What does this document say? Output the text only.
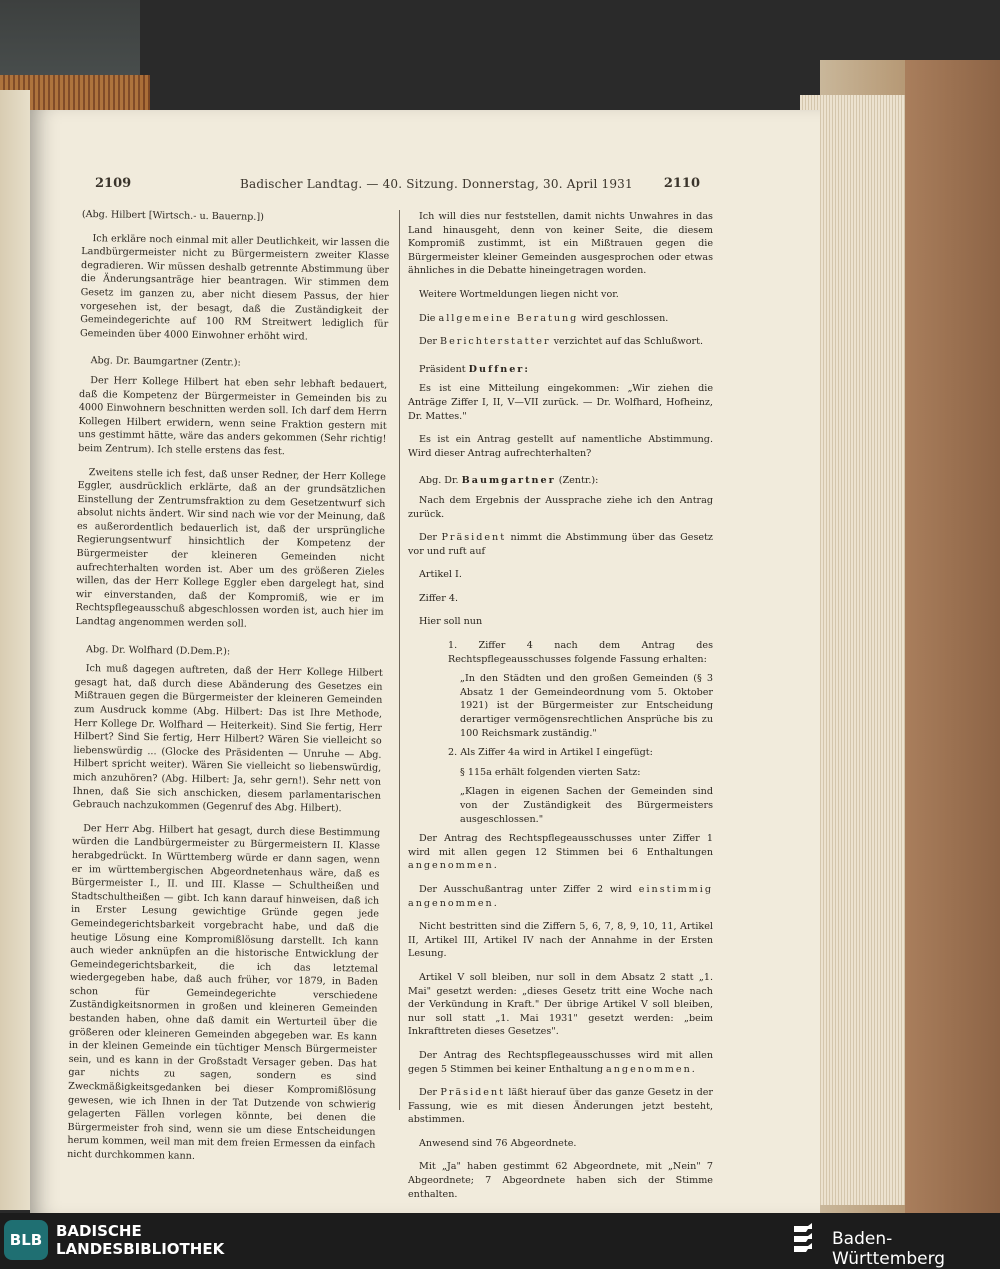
2109	Badischer Landtag. — 40. Sitzung. Donnerstag, 30. April 1931 2110

(Abg. Hilbert [Wirtsch.- u. Bauernp.])

Ich erkläre noch einmal mit aller Deutlichkeit, wir lassen die Landbürgermeister nicht zu Bürgermeistern zweiter Klasse degradieren. Wir müssen deshalb getrennte Abstimmung über die Änderungsanträge hier beantragen. Wir stimmen dem Gesetz im ganzen zu, aber nicht diesem Passus, der hier vorgesehen ist, der besagt, daß die Zuständigkeit der Gemeindegerichte auf 100 RM Streitwert lediglich für Gemeinden über 4000 Einwohner erhöht wird.

Abg. Dr. Baumgartner (Zentr.):

Der Herr Kollege Hilbert hat eben sehr lebhaft bedauert, daß die Kompetenz der Bürgermeister in Gemeinden bis zu 4000 Einwohnern beschnitten werden soll. Ich darf dem Herrn Kollegen Hilbert erwidern, wenn seine Fraktion gestern mit uns gestimmt hätte, wäre das anders gekommen (Sehr richtig! beim Zentrum). Ich stelle erstens das fest.

Zweitens stelle ich fest, daß unser Redner, der Herr Kollege Eggler, ausdrücklich erklärte, daß an der grundsätzlichen Einstellung der Zentrumsfraktion zu dem Gesetzentwurf sich absolut nichts ändert. Wir sind nach wie vor der Meinung, daß es außerordentlich bedauerlich ist, daß der ursprüngliche Regierungsentwurf hinsichtlich der Kompetenz der Bürgermeister der kleineren Gemeinden nicht aufrechterhalten worden ist. Aber um des größeren Zieles willen, das der Herr Kollege Eggler eben dargelegt hat, sind wir einverstanden, daß der Kompromiß, wie er im Rechtspflegeausschuß abgeschlossen worden ist, auch hier im Landtag angenommen werden soll.

Abg. Dr. Wolfhard (D.Dem.P.):

Ich muß dagegen auftreten, daß der Herr Kollege Hilbert gesagt hat, daß durch diese Abänderung des Gesetzes ein Mißtrauen gegen die Bürgermeister der kleineren Gemeinden zum Ausdruck komme (Abg. Hilbert: Das ist Ihre Methode, Herr Kollege Dr. Wolfhard — Heiterkeit). Sind Sie fertig, Herr Hilbert? Sind Sie fertig, Herr Hilbert? Wären Sie vielleicht so liebenswürdig ... (Glocke des Präsidenten — Unruhe — Abg. Hilbert spricht weiter). Wären Sie vielleicht so liebenswürdig, mich anzuhören? (Abg. Hilbert: Ja, sehr gern!). Sehr nett von Ihnen, daß Sie sich anschicken, diesem parlamentarischen Gebrauch nachzukommen (Gegenruf des Abg. Hilbert).

Der Herr Abg. Hilbert hat gesagt, durch diese Bestimmung würden die Landbürgermeister zu Bürgermeistern II. Klasse herabgedrückt. In Württemberg würde er dann sagen, wenn er im württembergischen Abgeordnetenhaus wäre, daß es Bürgermeister I., II. und III. Klasse — Schultheißen und Stadtschultheißen — gibt. Ich kann darauf hinweisen, daß ich in Erster Lesung gewichtige Gründe gegen jede Gemeindegerichtsbarkeit vorgebracht habe, und daß die heutige Lösung eine Kompromißlösung darstellt. Ich kann auch wieder anknüpfen an die historische Entwicklung der Gemeindegerichtsbarkeit, die ich das letztemal wiedergegeben habe, daß auch früher, vor 1879, in Baden schon für Gemeindegerichte verschiedene Zuständigkeitsnormen in großen und kleineren Gemeinden bestanden haben, ohne daß damit ein Werturteil über die größeren oder kleineren Gemeinden abgegeben war. Es kann in der kleinen Gemeinde ein tüchtiger Mensch Bürgermeister sein, und es kann in der Großstadt Versager geben. Das hat gar nichts zu sagen, sondern es sind Zweckmäßigkeitsgedanken bei dieser Kompromißlösung gewesen, wie ich Ihnen in der Tat Dutzende von schwierig gelagerten Fällen vorlegen könnte, bei denen die Bürgermeister froh sind, wenn sie um diese Entscheidungen herum kommen, weil man mit dem freien Ermessen da einfach nicht durchkommen kann.

Ich will dies nur feststellen, damit nichts Unwahres in das Land hinausgeht, denn von keiner Seite, die diesem Kompromiß zustimmt, ist ein Mißtrauen gegen die Bürgermeister kleiner Gemeinden ausgesprochen oder etwas ähnliches in die Debatte hineingetragen worden.

Weitere Wortmeldungen liegen nicht vor.

Die allgemeine Beratung wird geschlossen.

Der Berichterstatter verzichtet auf das Schlußwort.

Präsident Duffner:

Es ist eine Mitteilung eingekommen: „Wir ziehen die Anträge Ziffer I, II, V—VII zurück. — Dr. Wolfhard, Hofheinz, Dr. Mattes."

Es ist ein Antrag gestellt auf namentliche Abstimmung. Wird dieser Antrag aufrechterhalten?

Abg. Dr. Baumgartner (Zentr.):

Nach dem Ergebnis der Aussprache ziehe ich den Antrag zurück.

Der Präsident nimmt die Abstimmung über das Gesetz vor und ruft auf

Artikel I.

Ziffer 4.

Hier soll nun

1. Ziffer 4 nach dem Antrag des Rechtspflegeausschusses folgende Fassung erhalten:

„In den Städten und den großen Gemeinden (§ 3 Absatz 1 der Gemeindeordnung vom 5. Oktober 1921) ist der Bürgermeister zur Entscheidung derartiger vermögensrechtlichen Ansprüche bis zu 100 Reichsmark zuständig."

2. Als Ziffer 4a wird in Artikel I eingefügt:

§ 115a erhält folgenden vierten Satz:

„Klagen in eigenen Sachen der Gemeinden sind von der Zuständigkeit des Bürgermeisters ausgeschlossen."

Der Antrag des Rechtspflegeausschusses unter Ziffer 1 wird mit allen gegen 12 Stimmen bei 6 Enthaltungen angenommen.

Der Ausschußantrag unter Ziffer 2 wird einstimmig angenommen.

Nicht bestritten sind die Ziffern 5, 6, 7, 8, 9, 10, 11, Artikel II, Artikel III, Artikel IV nach der Annahme in der Ersten Lesung.

Artikel V soll bleiben, nur soll in dem Absatz 2 statt „1. Mai" gesetzt werden: „dieses Gesetz tritt eine Woche nach der Verkündung in Kraft." Der übrige Artikel V soll bleiben, nur soll statt „1. Mai 1931" gesetzt werden: „beim Inkrafttreten dieses Gesetzes".

Der Antrag des Rechtspflegeausschusses wird mit allen gegen 5 Stimmen bei keiner Enthaltung angenommen.

Der Präsident läßt hierauf über das ganze Gesetz in der Fassung, wie es mit diesen Änderungen jetzt besteht, abstimmen.

Anwesend sind 76 Abgeordnete.

Mit „Ja" haben gestimmt 62 Abgeordnete, mit „Nein" 7 Abgeordnete; 7 Abgeordnete haben sich der Stimme enthalten.

BLB BADISCHE
LANDESBIBLIOTHEK	Baden-Württemberg
